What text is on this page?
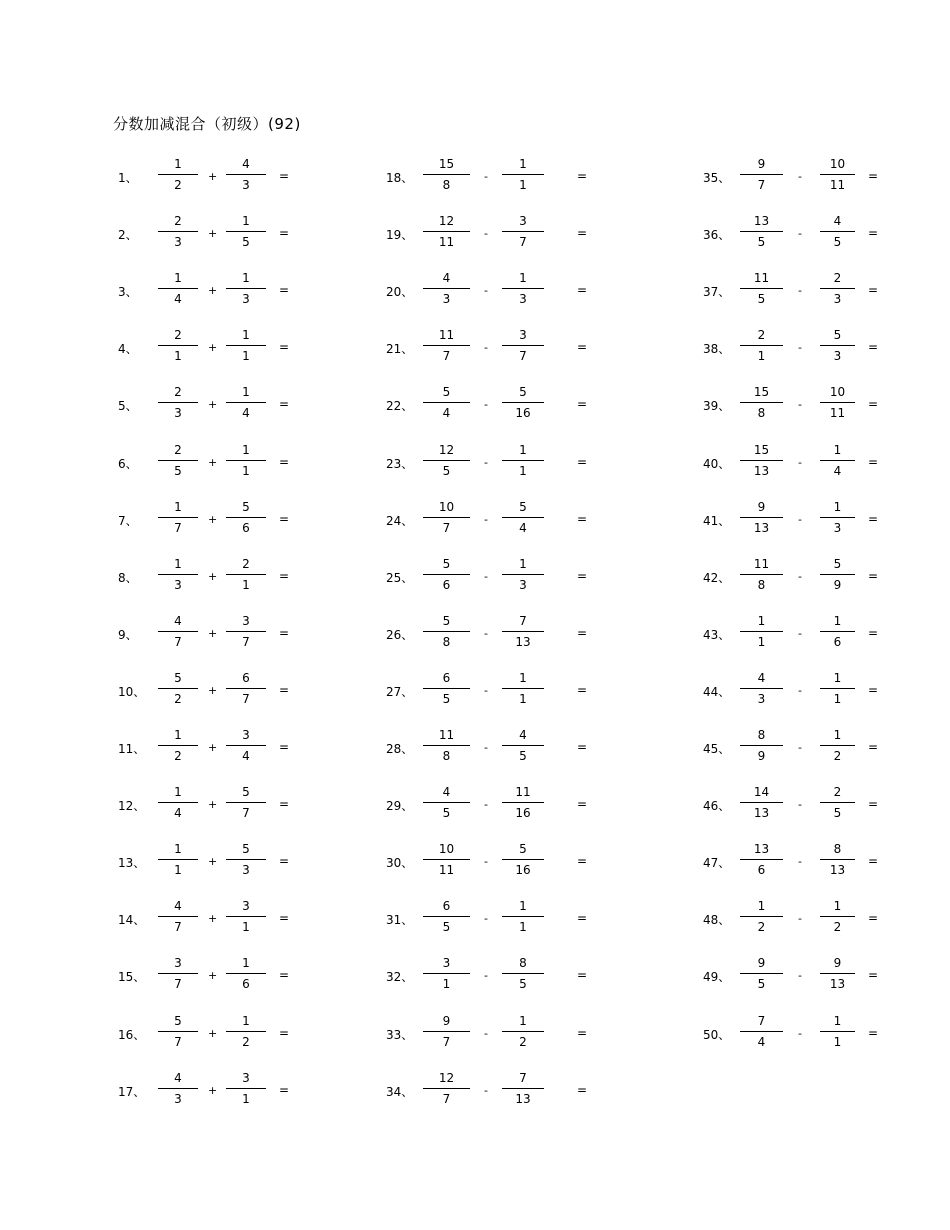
分数加减混合（初级）(92)
1、
1
2
+
4
3
=
2、
2
3
+
1
5
=
3、
1
4
+
1
3
=
4、
2
1
+
1
1
=
5、
2
3
+
1
4
=
6、
2
5
+
1
1
=
7、
1
7
+
5
6
=
8、
1
3
+
2
1
=
9、
4
7
+
3
7
=
10、
5
2
+
6
7
=
11、
1
2
+
3
4
=
12、
1
4
+
5
7
=
13、
1
1
+
5
3
=
14、
4
7
+
3
1
=
15、
3
7
+
1
6
=
16、
5
7
+
1
2
=
17、
4
3
+
3
1
=
18、
15
8
-
1
1
=
19、
12
11
-
3
7
=
20、
4
3
-
1
3
=
21、
11
7
-
3
7
=
22、
5
4
-
5
16
=
23、
12
5
-
1
1
=
24、
10
7
-
5
4
=
25、
5
6
-
1
3
=
26、
5
8
-
7
13
=
27、
6
5
-
1
1
=
28、
11
8
-
4
5
=
29、
4
5
-
11
16
=
30、
10
11
-
5
16
=
31、
6
5
-
1
1
=
32、
3
1
-
8
5
=
33、
9
7
-
1
2
=
34、
12
7
-
7
13
=
35、
9
7
-
10
11
=
36、
13
5
-
4
5
=
37、
11
5
-
2
3
=
38、
2
1
-
5
3
=
39、
15
8
-
10
11
=
40、
15
13
-
1
4
=
41、
9
13
-
1
3
=
42、
11
8
-
5
9
=
43、
1
1
-
1
6
=
44、
4
3
-
1
1
=
45、
8
9
-
1
2
=
46、
14
13
-
2
5
=
47、
13
6
-
8
13
=
48、
1
2
-
1
2
=
49、
9
5
-
9
13
=
50、
7
4
-
1
1
=
